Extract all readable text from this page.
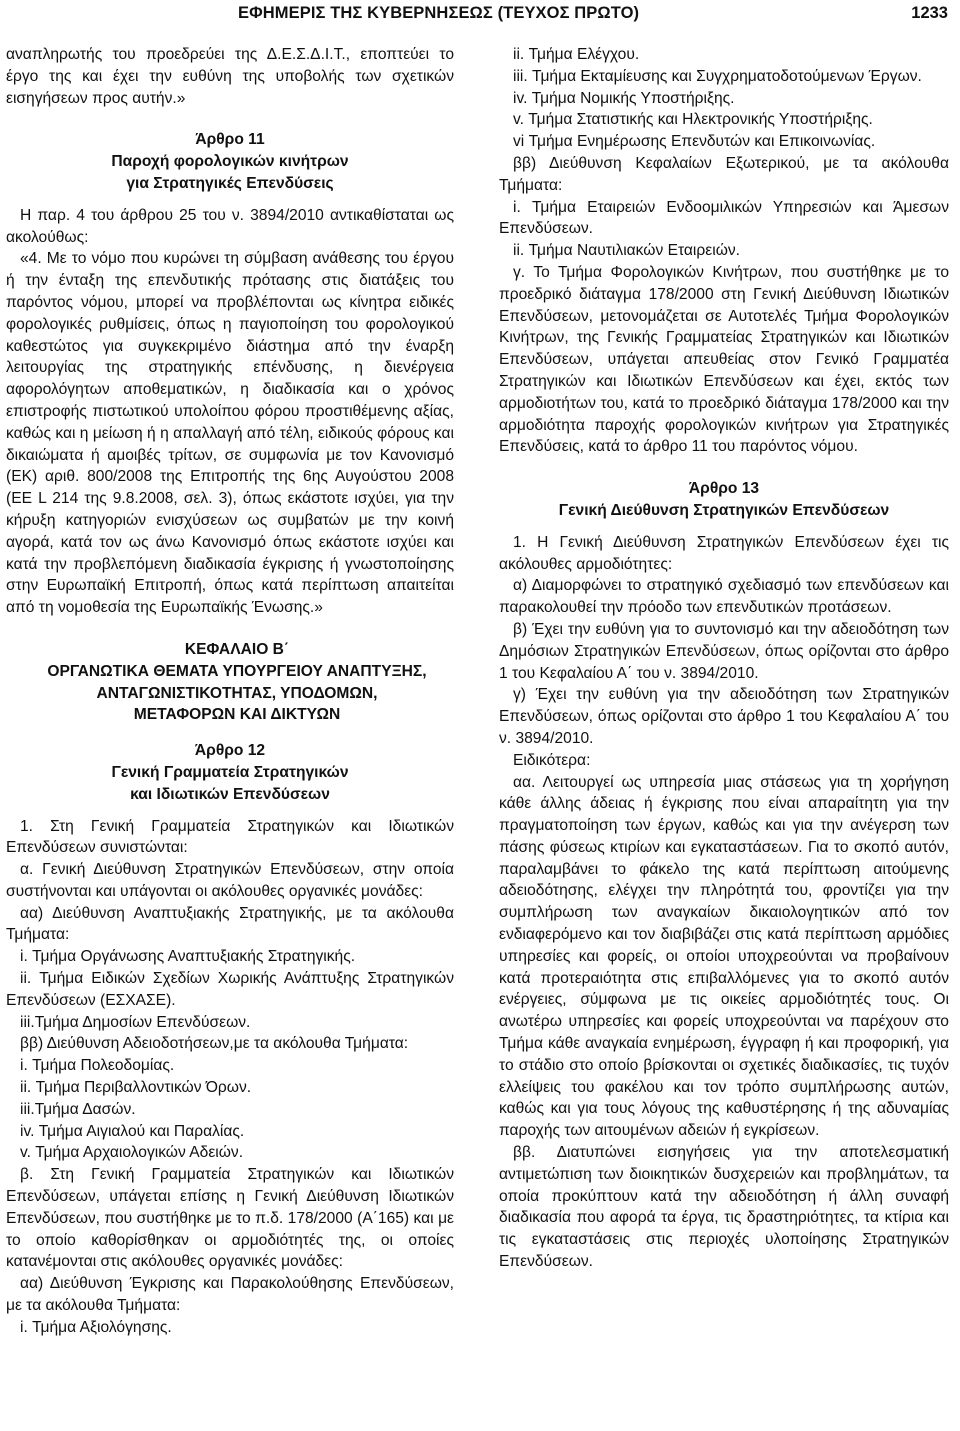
ΕΦΗΜΕΡΙΣ ΤΗΣ ΚΥΒΕΡΝΗΣΕΩΣ (ΤΕΥΧΟΣ ΠΡΩΤΟ)	1233

αναπληρωτής του προεδρεύει της Δ.Ε.Σ.Δ.Ι.Τ., εποπτεύει το έργο της και έχει την ευθύνη της υποβολής των σχετικών εισηγήσεων προς αυτήν.»

Άρθρο 11

Παροχή φορολογικών κινήτρων

για Στρατηγικές Επενδύσεις

Η παρ. 4 του άρθρου 25 του ν. 3894/2010 αντικαθίσταται ως ακολούθως:

«4. Με το νόμο που κυρώνει τη σύμβαση ανάθεσης του έργου ή την ένταξη της επενδυτικής πρότασης στις διατάξεις του παρόντος νόμου, μπορεί να προβλέπονται ως κίνητρα ειδικές φορολογικές ρυθμίσεις, όπως η παγιοποίηση του φορολογικού καθεστώτος για συγκεκριμένο διάστημα από την έναρξη λειτουργίας της στρατηγικής επένδυσης, η διενέργεια αφορολόγητων αποθεματικών, η διαδικασία και ο χρόνος επιστροφής πιστωτικού υπολοίπου φόρου προστιθέμενης αξίας, καθώς και η μείωση ή η απαλλαγή από τέλη, ειδικούς φόρους και δικαιώματα ή αμοιβές τρίτων, σε συμφωνία με τον Κανονισμό (ΕΚ) αριθ. 800/2008 της Επιτροπής της 6ης Αυγούστου 2008 (ΕΕ L 214 της 9.8.2008, σελ. 3), όπως εκάστοτε ισχύει, για την κήρυξη κατηγοριών ενισχύσεων ως συμβατών με την κοινή αγορά, κατά τον ως άνω Κανονισμό όπως εκάστοτε ισχύει και κατά την προβλεπόμενη διαδικασία έγκρισης ή γνωστοποίησης στην Ευρωπαϊκή Επιτροπή, όπως κατά περίπτωση απαιτείται από τη νομοθεσία της Ευρωπαϊκής Ένωσης.»

ΚΕΦΑΛΑΙΟ Β΄

ΟΡΓΑΝΩΤΙΚΑ ΘΕΜΑΤΑ ΥΠΟΥΡΓΕΙΟΥ ΑΝΑΠΤΥΞΗΣ,

ΑΝΤΑΓΩΝΙΣΤΙΚΟΤΗΤΑΣ, ΥΠΟΔΟΜΩΝ,

ΜΕΤΑΦΟΡΩΝ ΚΑΙ ΔΙΚΤΥΩΝ

Άρθρο 12

Γενική Γραμματεία Στρατηγικών

και Ιδιωτικών Επενδύσεων

1. Στη Γενική Γραμματεία Στρατηγικών και Ιδιωτικών Επενδύσεων συνιστώνται:

α. Γενική Διεύθυνση Στρατηγικών Επενδύσεων, στην οποία συστήνονται και υπάγονται οι ακόλουθες οργανικές μονάδες:

αα) Διεύθυνση Αναπτυξιακής Στρατηγικής, με τα ακόλουθα Τμήματα:

i. Τμήμα Οργάνωσης Αναπτυξιακής Στρατηγικής.

ii. Τμήμα Ειδικών Σχεδίων Χωρικής Ανάπτυξης Στρατηγικών Επενδύσεων (ΕΣΧΑΣΕ).

iii.Τμήμα Δημοσίων Επενδύσεων.

ββ) Διεύθυνση Αδειοδοτήσεων,με τα ακόλουθα Τμήματα:

i. Τμήμα Πολεοδομίας.

ii. Τμήμα Περιβαλλοντικών Όρων.

iii.Τμήμα Δασών.

iv. Τμήμα Αιγιαλού και Παραλίας.

v. Τμήμα Αρχαιολογικών Αδειών.

β. Στη Γενική Γραμματεία Στρατηγικών και Ιδιωτικών Επενδύσεων, υπάγεται επίσης η Γενική Διεύθυνση Ιδιωτικών Επενδύσεων, που συστήθηκε με το π.δ. 178/2000 (Α΄165) και με το οποίο καθορίσθηκαν οι αρμοδιότητές της, οι οποίες κατανέμονται στις ακόλουθες οργανικές μονάδες:

αα) Διεύθυνση Έγκρισης και Παρακολούθησης Επενδύσεων, με τα ακόλουθα Τμήματα:

i. Τμήμα Αξιολόγησης.

ii. Τμήμα Ελέγχου.

iii. Τμήμα Εκταμίευσης και Συγχρηματοδοτούμενων Έργων.

iv. Τμήμα Νομικής Υποστήριξης.

v. Τμήμα Στατιστικής και Ηλεκτρονικής Υποστήριξης.

vi Τμήμα Ενημέρωσης Επενδυτών και Επικοινωνίας.

ββ) Διεύθυνση Κεφαλαίων Εξωτερικού, με τα ακόλουθα Τμήματα:

i. Τμήμα Εταιρειών Ενδοομιλικών Υπηρεσιών και Άμεσων Επενδύσεων.

ii. Τμήμα Ναυτιλιακών Εταιρειών.

γ. Το Τμήμα Φορολογικών Κινήτρων, που συστήθηκε με το προεδρικό διάταγμα 178/2000 στη Γενική Διεύθυνση Ιδιωτικών Επενδύσεων, μετονομάζεται σε Αυτοτελές Τμήμα Φορολογικών Κινήτρων, της Γενικής Γραμματείας Στρατηγικών και Ιδιωτικών Επενδύσεων, υπάγεται απευθείας στον Γενικό Γραμματέα Στρατηγικών και Ιδιωτικών Επενδύσεων και έχει, εκτός των αρμοδιοτήτων του, κατά το προεδρικό διάταγμα 178/2000 και την αρμοδιότητα παροχής φορολογικών κινήτρων για Στρατηγικές Επενδύσεις, κατά το άρθρο 11 του παρόντος νόμου.

Άρθρο 13

Γενική Διεύθυνση Στρατηγικών Επενδύσεων

1. Η Γενική Διεύθυνση Στρατηγικών Επενδύσεων έχει τις ακόλουθες αρμοδιότητες:

α) Διαμορφώνει το στρατηγικό σχεδιασμό των επενδύσεων και παρακολουθεί την πρόοδο των επενδυτικών προτάσεων.

β) Έχει την ευθύνη για το συντονισμό και την αδειοδότηση των Δημόσιων Στρατηγικών Επενδύσεων, όπως ορίζονται στο άρθρο 1 του Κεφαλαίου Α΄ του ν. 3894/2010.

γ) Έχει την ευθύνη για την αδειοδότηση των Στρατηγικών Επενδύσεων, όπως ορίζονται στο άρθρο 1 του Κεφαλαίου Α΄ του ν. 3894/2010.

Ειδικότερα:

αα. Λειτουργεί ως υπηρεσία μιας στάσεως για τη χορήγηση κάθε άλλης άδειας ή έγκρισης που είναι απαραίτητη για την πραγματοποίηση των έργων, καθώς και για την ανέγερση των πάσης φύσεως κτιρίων και εγκαταστάσεων. Για το σκοπό αυτόν, παραλαμβάνει το φάκελο της κατά περίπτωση αιτούμενης αδειοδότησης, ελέγχει την πληρότητά του, φροντίζει για την συμπλήρωση των αναγκαίων δικαιολογητικών από τον ενδιαφερόμενο και τον διαβιβάζει στις κατά περίπτωση αρμόδιες υπηρεσίες και φορείς, οι οποίοι υποχρεούνται να προβαίνουν κατά προτεραιότητα στις επιβαλλόμενες για το σκοπό αυτόν ενέργειες, σύμφωνα με τις οικείες αρμοδιότητές τους. Οι ανωτέρω υπηρεσίες και φορείς υποχρεούνται να παρέχουν στο Τμήμα κάθε αναγκαία ενημέρωση, έγγραφη ή και προφορική, για το στάδιο στο οποίο βρίσκονται οι σχετικές διαδικασίες, τις τυχόν ελλείψεις του φακέλου και τον τρόπο συμπλήρωσης αυτών, καθώς και για τους λόγους της καθυστέρησης ή της αδυναμίας παροχής των αιτουμένων αδειών ή εγκρίσεων.

ββ. Διατυπώνει εισηγήσεις για την αποτελεσματική αντιμετώπιση των διοικητικών δυσχερειών και προβλημάτων, τα οποία προκύπτουν κατά την αδειοδότηση ή άλλη συναφή διαδικασία που αφορά τα έργα, τις δραστηριότητες, τα κτίρια και τις εγκαταστάσεις στις περιοχές υλοποίησης Στρατηγικών Επενδύσεων.
